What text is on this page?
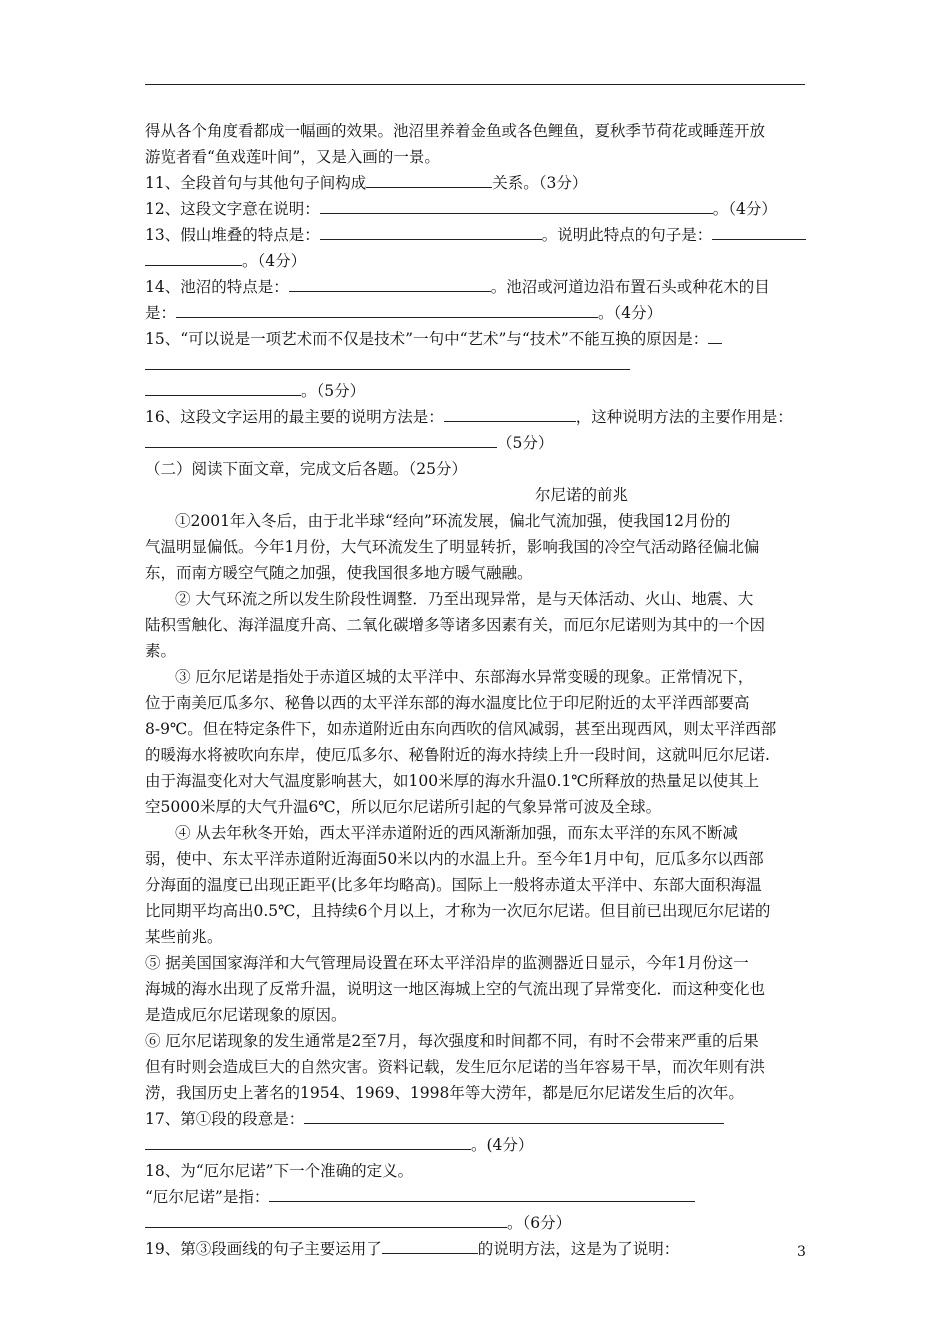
得从各个角度看都成一幅画的效果。池沼里养着金鱼或各色鲤鱼，夏秋季节荷花或睡莲开放
游览者看“鱼戏莲叶间”，又是入画的一景。
11、全段首句与其他句子间构成	关系。（3分）
12、这段文字意在说明：	。（4分）
13、假山堆叠的特点是：	。说明此特点的句子是：
。（4分）
14、池沼的特点是：	。池沼或河道边沿布置石头或种花木的目
是：	。（4分）
15、“可以说是一项艺术而不仅是技术”一句中“艺术”与“技术”不能互换的原因是：
。（5分）
16、这段文字运用的最主要的说明方法是：	，这种说明方法的主要作用是：
（5分）
（二）阅读下面文章，完成文后各题。（25分）
尔尼诺的前兆
①2001年入冬后，由于北半球“经向”环流发展，偏北气流加强，使我国12月份的
气温明显偏低。今年1月份，大气环流发生了明显转折，影响我国的冷空气活动路径偏北偏
东，而南方暖空气随之加强，使我国很多地方暖气融融。
② 大气环流之所以发生阶段性调整．乃至出现异常，是与天体活动、火山、地震、大
陆积雪触化、海洋温度升高、二氧化碳增多等诸多因素有关，而厄尔尼诺则为其中的一个因
素。
③ 厄尔尼诺是指处于赤道区城的太平洋中、东部海水异常变暖的现象。正常情况下，
位于南美厄瓜多尔、秘鲁以西的太平洋东部的海水温度比位于印尼附近的太平洋西部要高
8-9℃。但在特定条件下，如赤道附近由东向西吹的信风减弱，甚至出现西风，则太平洋西部
的暖海水将被吹向东岸，使厄瓜多尔、秘鲁附近的海水持续上升一段时间，这就叫厄尔尼诺.
由于海温变化对大气温度影响甚大，如100米厚的海水升温0.1℃所释放的热量足以使其上
空5000米厚的大气升温6℃，所以厄尔尼诺所引起的气象异常可波及全球。
④ 从去年秋冬开始，西太平洋赤道附近的西风渐渐加强，而东太平洋的东风不断减
弱，使中、东太平洋赤道附近海面50米以内的水温上升。至今年1月中旬，厄瓜多尔以西部
分海面的温度已出现正距平(比多年均略高)。国际上一般将赤道太平洋中、东部大面积海温
比同期平均高出0.5℃，且持续6个月以上，才称为一次厄尔尼诺。但目前已出现厄尔尼诺的
某些前兆。
⑤ 据美国国家海洋和大气管理局设置在环太平洋沿岸的监测器近日显示，今年1月份这一
海城的海水出现了反常升温，说明这一地区海城上空的气流出现了异常变化．而这种变化也
是造成厄尔尼诺现象的原因。
⑥ 厄尔尼诺现象的发生通常是2至7月，每次强度和时间都不同，有时不会带来严重的后果
但有时则会造成巨大的自然灾害。资料记载，发生厄尔尼诺的当年容易干旱，而次年则有洪
涝，我国历史上著名的1954、1969、1998年等大涝年，都是厄尔尼诺发生后的次年。
17、第①段的段意是：
。(4分）
18、为“厄尔尼诺”下一个准确的定义。
“厄尔尼诺”是指：
。（6分）
19、第③段画线的句子主要运用了	的说明方法，这是为了说明：	3
